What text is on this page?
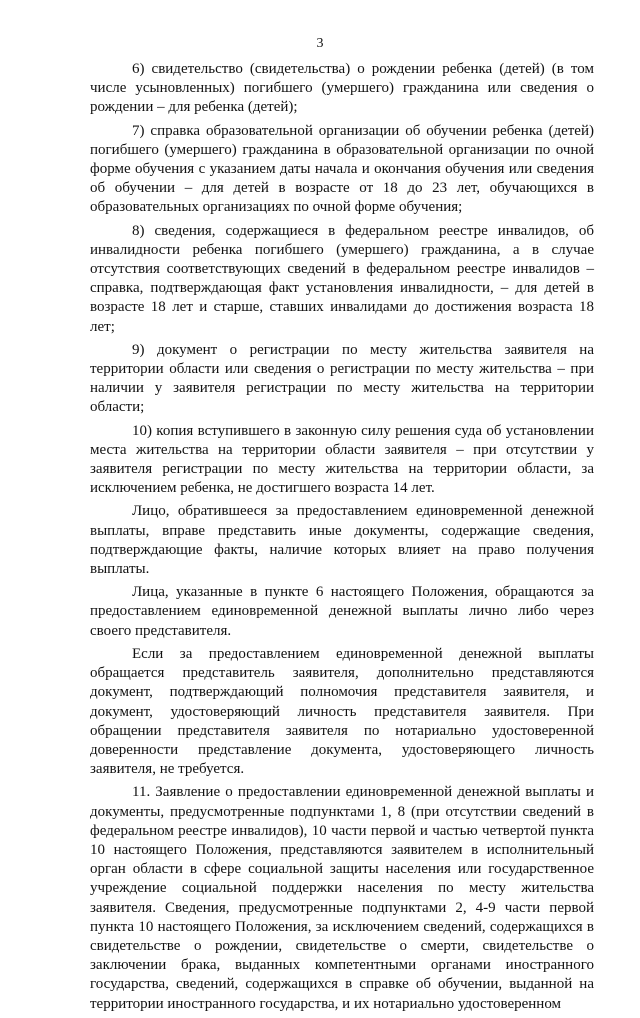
3

6) свидетельство (свидетельства) о рождении ребенка (детей) (в том числе усыновленных) погибшего (умершего) гражданина или сведения о рождении – для ребенка (детей);

7) справка образовательной организации об обучении ребенка (детей) погибшего (умершего) гражданина в образовательной организации по очной форме обучения с указанием даты начала и окончания обучения или сведения об обучении – для детей в возрасте от 18 до 23 лет, обучающихся в образовательных организациях по очной форме обучения;

8) сведения, содержащиеся в федеральном реестре инвалидов, об инвалидности ребенка погибшего (умершего) гражданина, а в случае отсутствия соответствующих сведений в федеральном реестре инвалидов – справка, подтверждающая факт установления инвалидности, – для детей в возрасте 18 лет и старше, ставших инвалидами до достижения возраста 18 лет;

9) документ о регистрации по месту жительства заявителя на территории области или сведения о регистрации по месту жительства – при наличии у заявителя регистрации по месту жительства на территории области;

10) копия вступившего в законную силу решения суда об установлении места жительства на территории области заявителя – при отсутствии у заявителя регистрации по месту жительства на территории области, за исключением ребенка, не достигшего возраста 14 лет.

Лицо, обратившееся за предоставлением единовременной денежной выплаты, вправе представить иные документы, содержащие сведения, подтверждающие факты, наличие которых влияет на право получения выплаты.

Лица, указанные в пункте 6 настоящего Положения, обращаются за предоставлением единовременной денежной выплаты лично либо через своего представителя.

Если за предоставлением единовременной денежной выплаты обращается представитель заявителя, дополнительно представляются документ, подтверждающий полномочия представителя заявителя, и документ, удостоверяющий личность представителя заявителя. При обращении представителя заявителя по нотариально удостоверенной доверенности представление документа, удостоверяющего личность заявителя, не требуется.

11. Заявление о предоставлении единовременной денежной выплаты и документы, предусмотренные подпунктами 1, 8 (при отсутствии сведений в федеральном реестре инвалидов), 10 части первой и частью четвертой пункта 10 настоящего Положения, представляются заявителем в исполнительный орган области в сфере социальной защиты населения или государственное учреждение социальной поддержки населения по месту жительства заявителя. Сведения, предусмотренные подпунктами 2, 4-9 части первой пункта 10 настоящего Положения, за исключением сведений, содержащихся в свидетельстве о рождении, свидетельстве о смерти, свидетельстве о заключении брака, выданных компетентными органами иностранного государства, сведений, содержащихся в справке об обучении, выданной на территории иностранного государства, и их нотариально удостоверенном
